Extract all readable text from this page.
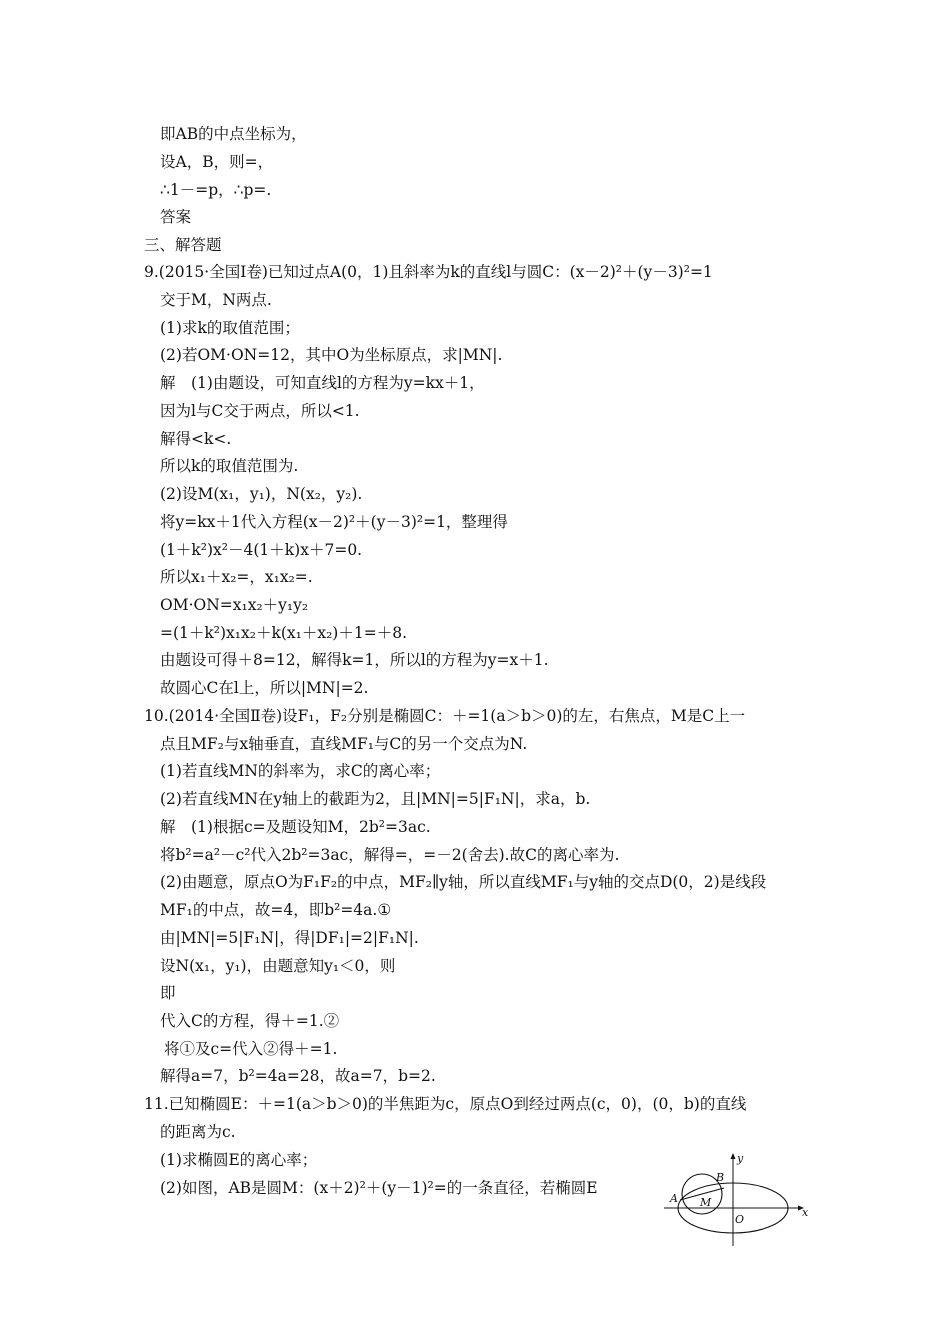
即AB的中点坐标为，
设A，B，则=，
∴1－=p，∴p=.
答案
三、解答题
9.(2015·全国Ⅰ卷)已知过点A(0，1)且斜率为k的直线l与圆C：(x－2)²＋(y－3)²=1
交于M，N两点.
(1)求k的取值范围；
(2)若OM·ON=12，其中O为坐标原点，求|MN|.
解　(1)由题设，可知直线l的方程为y=kx＋1，
因为l与C交于两点，所以<1.
解得<k<.
所以k的取值范围为.
(2)设M(x₁，y₁)，N(x₂，y₂).
将y=kx＋1代入方程(x－2)²＋(y－3)²=1，整理得
(1＋k²)x²－4(1＋k)x＋7=0.
所以x₁＋x₂=，x₁x₂=.
OM·ON=x₁x₂＋y₁y₂
=(1＋k²)x₁x₂＋k(x₁＋x₂)＋1=＋8.
由题设可得＋8=12，解得k=1，所以l的方程为y=x＋1.
故圆心C在l上，所以|MN|=2.
10.(2014·全国Ⅱ卷)设F₁，F₂分别是椭圆C：＋=1(a＞b＞0)的左，右焦点，M是C上一
点且MF₂与x轴垂直，直线MF₁与C的另一个交点为N.
(1)若直线MN的斜率为，求C的离心率；
(2)若直线MN在y轴上的截距为2，且|MN|=5|F₁N|，求a，b.
解　(1)根据c=及题设知M，2b²=3ac.
将b²=a²－c²代入2b²=3ac，解得=，=－2(舍去).故C的离心率为.
(2)由题意，原点O为F₁F₂的中点，MF₂∥y轴，所以直线MF₁与y轴的交点D(0，2)是线段
MF₁的中点，故=4，即b²=4a.①
由|MN|=5|F₁N|，得|DF₁|=2|F₁N|.
设N(x₁，y₁)，由题意知y₁＜0，则
即
代入C的方程，得＋=1.②
将①及c=代入②得＋=1.
解得a=7，b²=4a=28，故a=7，b=2.
11.已知椭圆E：＋=1(a＞b＞0)的半焦距为c，原点O到经过两点(c，0)，(0，b)的直线
的距离为c.
(1)求椭圆E的离心率；
(2)如图，AB是圆M：(x＋2)²＋(y－1)²=的一条直径，若椭圆E
x
y
O
A
B
M
